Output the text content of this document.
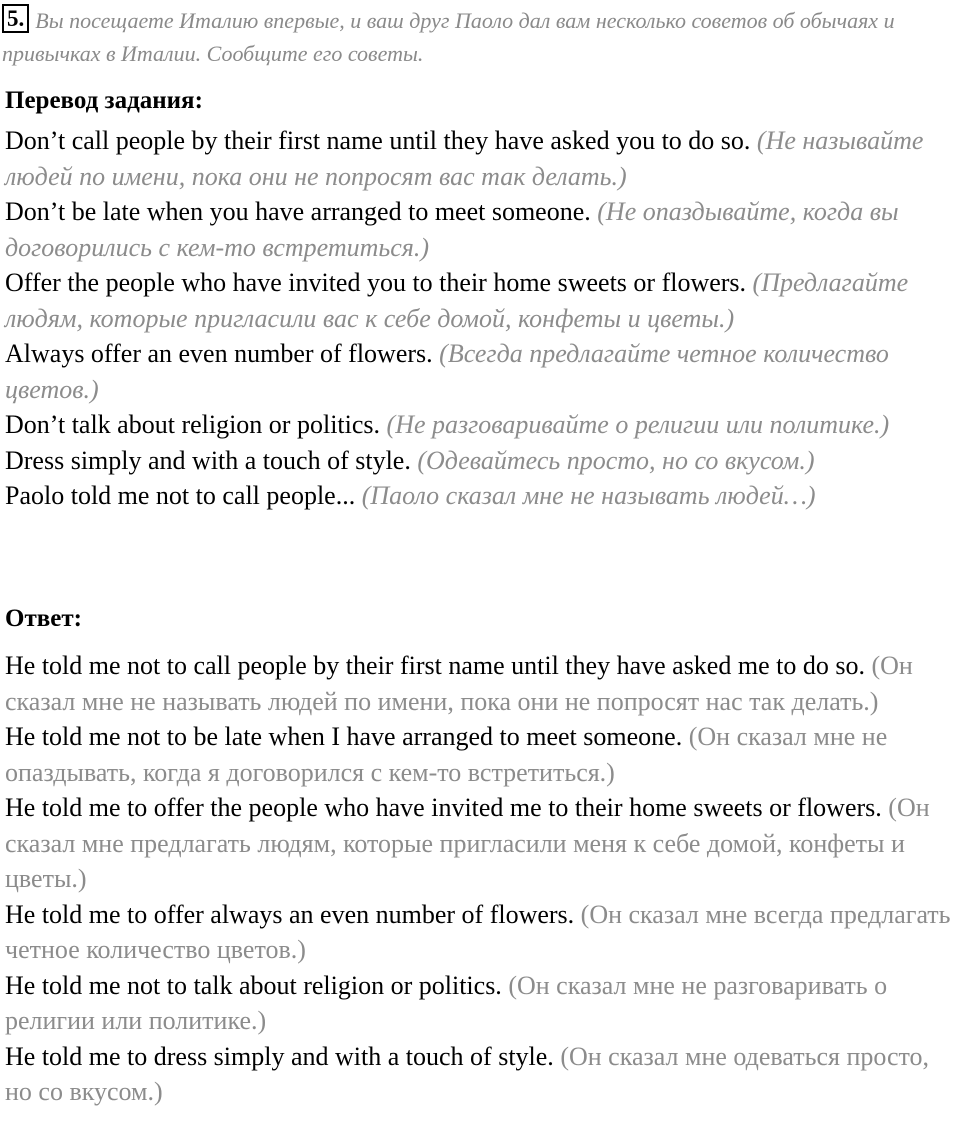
5. Вы посещаете Италию впервые, и ваш друг Паоло дал вам несколько советов об обычаях и привычках в Италии. Сообщите его советы.
Перевод задания:
Don’t call people by their first name until they have asked you to do so. (Не называйте людей по имени, пока они не попросят вас так делать.)
Don’t be late when you have arranged to meet someone. (Не опаздывайте, когда вы договорились с кем-то встретиться.)
Offer the people who have invited you to their home sweets or flowers. (Предлагайте людям, которые пригласили вас к себе домой, конфеты и цветы.)
Always offer an even number of flowers. (Всегда предлагайте четное количество цветов.)
Don’t talk about religion or politics. (Не разговаривайте о религии или политике.)
Dress simply and with a touch of style. (Одевайтесь просто, но со вкусом.)
Paolo told me not to call people... (Паоло сказал мне не называть людей…)
Ответ:
He told me not to call people by their first name until they have asked me to do so. (Он сказал мне не называть людей по имени, пока они не попросят нас так делать.)
He told me not to be late when I have arranged to meet someone. (Он сказал мне не опаздывать, когда я договорился с кем-то встретиться.)
He told me to offer the people who have invited me to their home sweets or flowers. (Он сказал мне предлагать людям, которые пригласили меня к себе домой, конфеты и цветы.)
He told me to offer always an even number of flowers. (Он сказал мне всегда предлагать четное количество цветов.)
He told me not to talk about religion or politics. (Он сказал мне не разговаривать о религии или политике.)
He told me to dress simply and with a touch of style. (Он сказал мне одеваться просто, но со вкусом.)
